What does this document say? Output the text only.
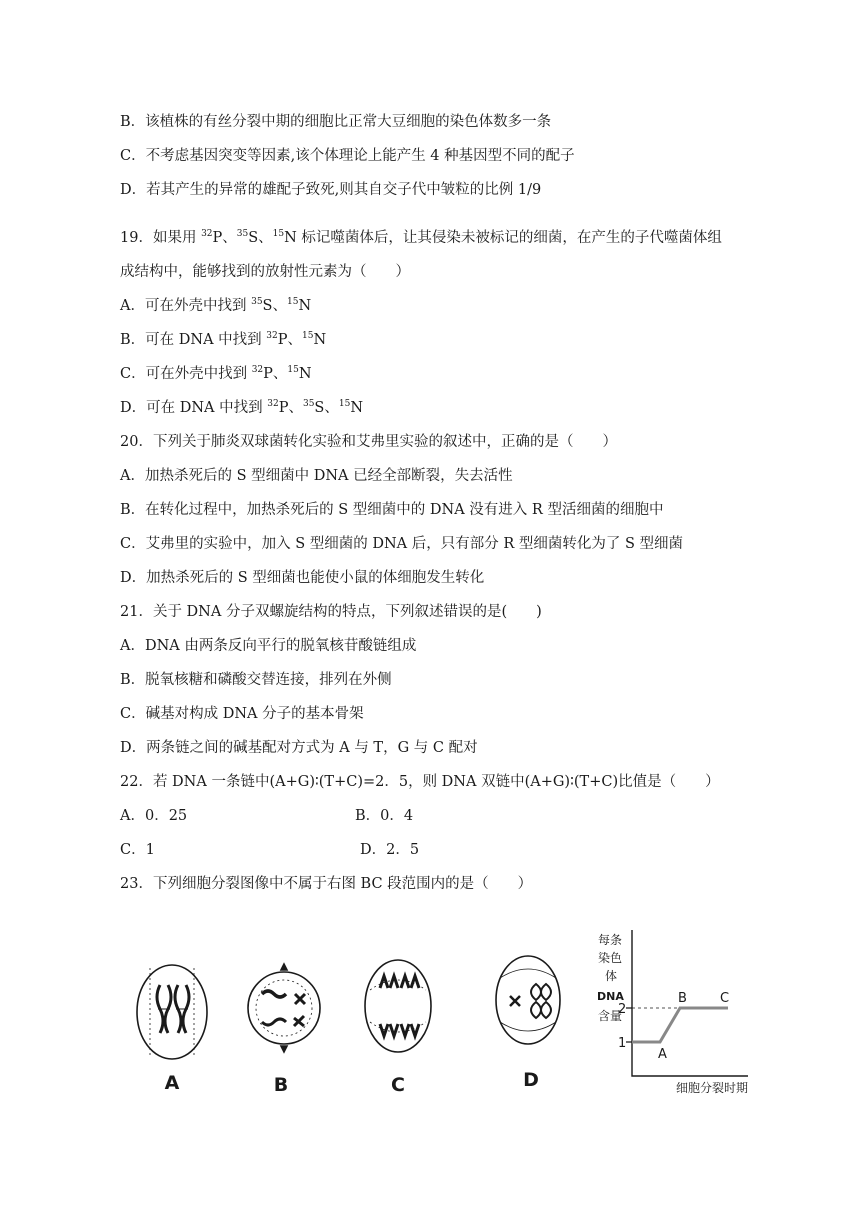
B．该植株的有丝分裂中期的细胞比正常大豆细胞的染色体数多一条
C．不考虑基因突变等因素,该个体理论上能产生 4 种基因型不同的配子
D．若其产生的异常的雄配子致死,则其自交子代中皱粒的比例 1/9
19．如果用 $^{32}$P、$^{35}$S、$^{15}$N 标记噬菌体后，让其侵染未被标记的细菌，在产生的子代噬菌体组
成结构中，能够找到的放射性元素为（　　）
A．可在外壳中找到 $^{35}$S、$^{15}$N
B．可在 DNA 中找到 $^{32}$P、$^{15}$N
C．可在外壳中找到 $^{32}$P、$^{15}$N
D．可在 DNA 中找到 $^{32}$P、$^{35}$S、$^{15}$N
20．下列关于肺炎双球菌转化实验和艾弗里实验的叙述中，正确的是（　　）
A．加热杀死后的 S 型细菌中 DNA 已经全部断裂，失去活性
B．在转化过程中，加热杀死后的 S 型细菌中的 DNA 没有进入 R 型活细菌的细胞中
C．艾弗里的实验中，加入 S 型细菌的 DNA 后，只有部分 R 型细菌转化为了 S 型细菌
D．加热杀死后的 S 型细菌也能使小鼠的体细胞发生转化
21．关于 DNA 分子双螺旋结构的特点，下列叙述错误的是(　　)
A．DNA 由两条反向平行的脱氧核苷酸链组成
B．脱氧核糖和磷酸交替连接，排列在外侧
C．碱基对构成 DNA 分子的基本骨架
D．两条链之间的碱基配对方式为 A 与 T，G 与 C 配对
22．若 DNA 一条链中(A+G)∶(T+C)=2．5，则 DNA 双链中(A+G)∶(T+C)比值是（　　）
A．0．25	B．0．4
C．1	D．2．5
23．下列细胞分裂图像中不属于右图 BC 段范围内的是（　　）
A	B	C	D
每条
染色
体
DNA
含量
1
2
A
B	C
细胞分裂时期
